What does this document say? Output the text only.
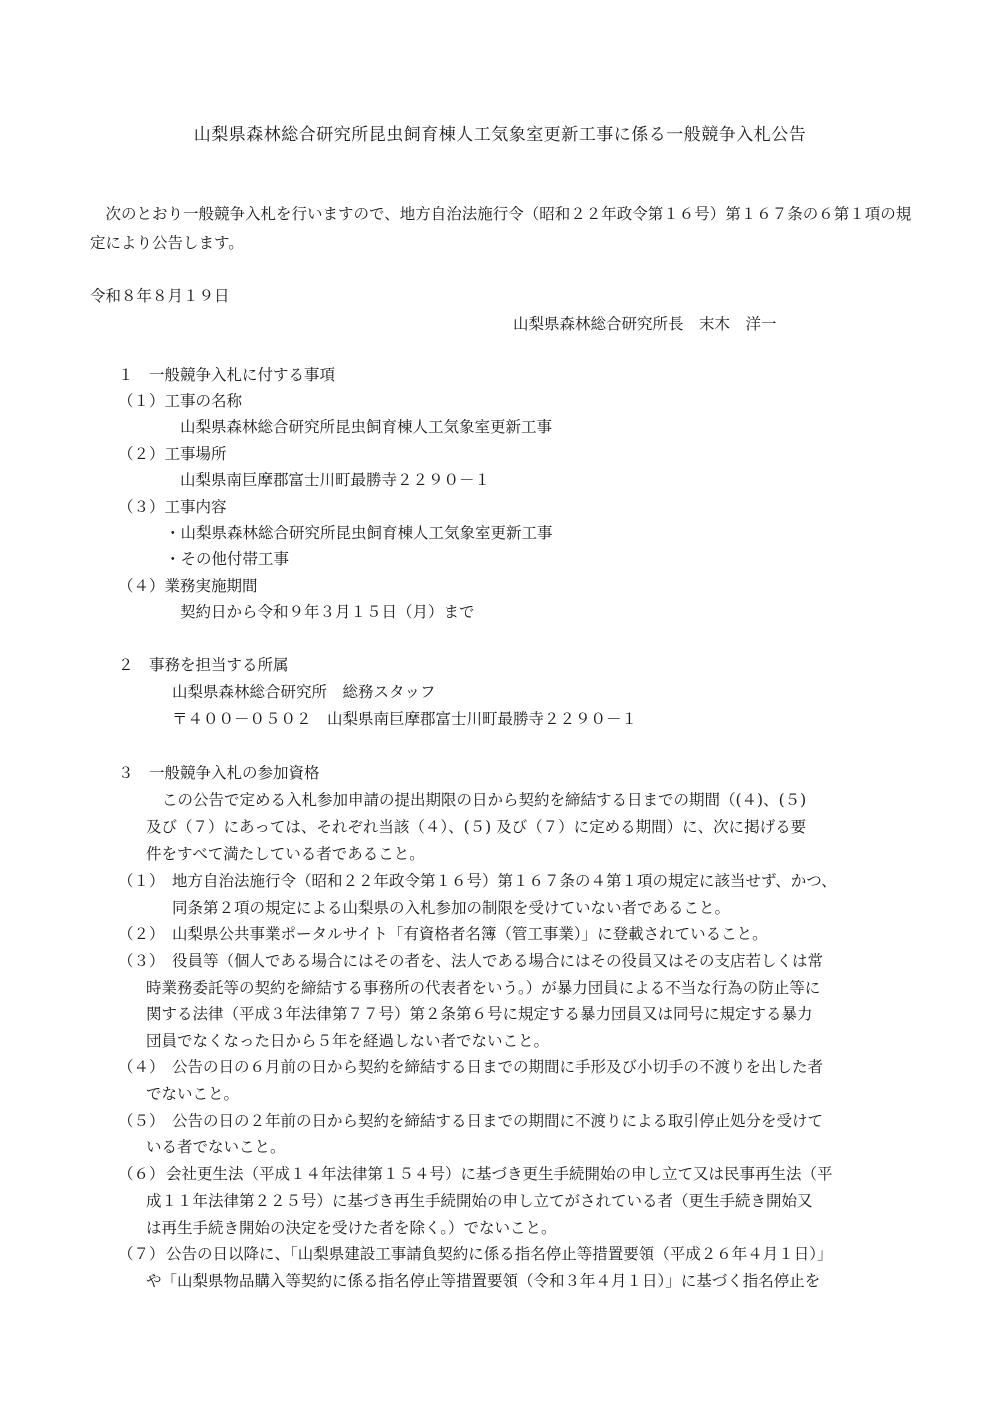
山梨県森林総合研究所昆虫飼育棟人工気象室更新工事に係る一般競争入札公告
次のとおり一般競争入札を行いますので、地方自治法施行令（昭和２２年政令第１６号）第１６７条の６第１項の規定により公告します。
令和８年８月１９日
山梨県森林総合研究所長　末木　洋一
１　一般競争入札に付する事項
（１）工事の名称
山梨県森林総合研究所昆虫飼育棟人工気象室更新工事
（２）工事場所
山梨県南巨摩郡富士川町最勝寺２２９０－１
（３）工事内容
・山梨県森林総合研究所昆虫飼育棟人工気象室更新工事
・その他付帯工事
（４）業務実施期間
契約日から令和９年３月１５日（月）まで
２　事務を担当する所属
山梨県森林総合研究所　総務スタッフ
〒４００－０５０２　山梨県南巨摩郡富士川町最勝寺２２９０－１
３　一般競争入札の参加資格
この公告で定める入札参加申請の提出期限の日から契約を締結する日までの期間（(４)、(５)
及び（７）にあっては、それぞれ当該（４）、(５) 及び（７）に定める期間）に、次に掲げる要
件をすべて満たしている者であること。
（１） 地方自治法施行令（昭和２２年政令第１６号）第１６７条の４第１項の規定に該当せず、かつ、
同条第２項の規定による山梨県の入札参加の制限を受けていない者であること。
（２） 山梨県公共事業ポータルサイト「有資格者名簿（管工事業）」に登載されていること。
（３） 役員等（個人である場合にはその者を、法人である場合にはその役員又はその支店若しくは常
時業務委託等の契約を締結する事務所の代表者をいう。）が暴力団員による不当な行為の防止等に
関する法律（平成３年法律第７７号）第２条第６号に規定する暴力団員又は同号に規定する暴力
団員でなくなった日から５年を経過しない者でないこと。
（４） 公告の日の６月前の日から契約を締結する日までの期間に手形及び小切手の不渡りを出した者
でないこと。
（５） 公告の日の２年前の日から契約を締結する日までの期間に不渡りによる取引停止処分を受けて
いる者でないこと。
（６） 会社更生法（平成１４年法律第１５４号）に基づき更生手続開始の申し立て又は民事再生法（平
成１１年法律第２２５号）に基づき再生手続開始の申し立てがされている者（更生手続き開始又
は再生手続き開始の決定を受けた者を除く。）でないこと。
（７） 公告の日以降に、「山梨県建設工事請負契約に係る指名停止等措置要領（平成２６年４月１日）」
や「山梨県物品購入等契約に係る指名停止等措置要領（令和３年４月１日）」に基づく指名停止を
